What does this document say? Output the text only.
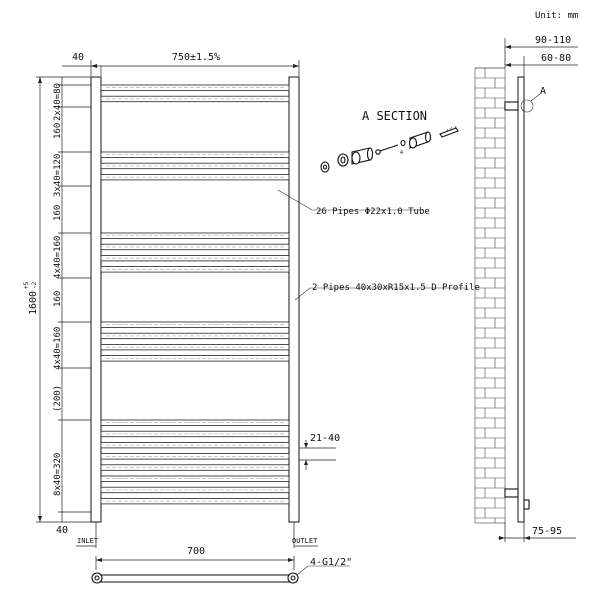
Unit: mm
750±1.5%
40
1600
+5 -2
2x40=80
160
3x40=120
160
4x40=160
160
4x40=160
(200)
8x40=320
40
INLET	OUTLET
21-40
26 Pipes Φ22x1.0 Tube
2 Pipes 40x30xR15x1.5 D Profile
A SECTION
4
A
90-110
60-80
75-95
700
4-G1/2"
